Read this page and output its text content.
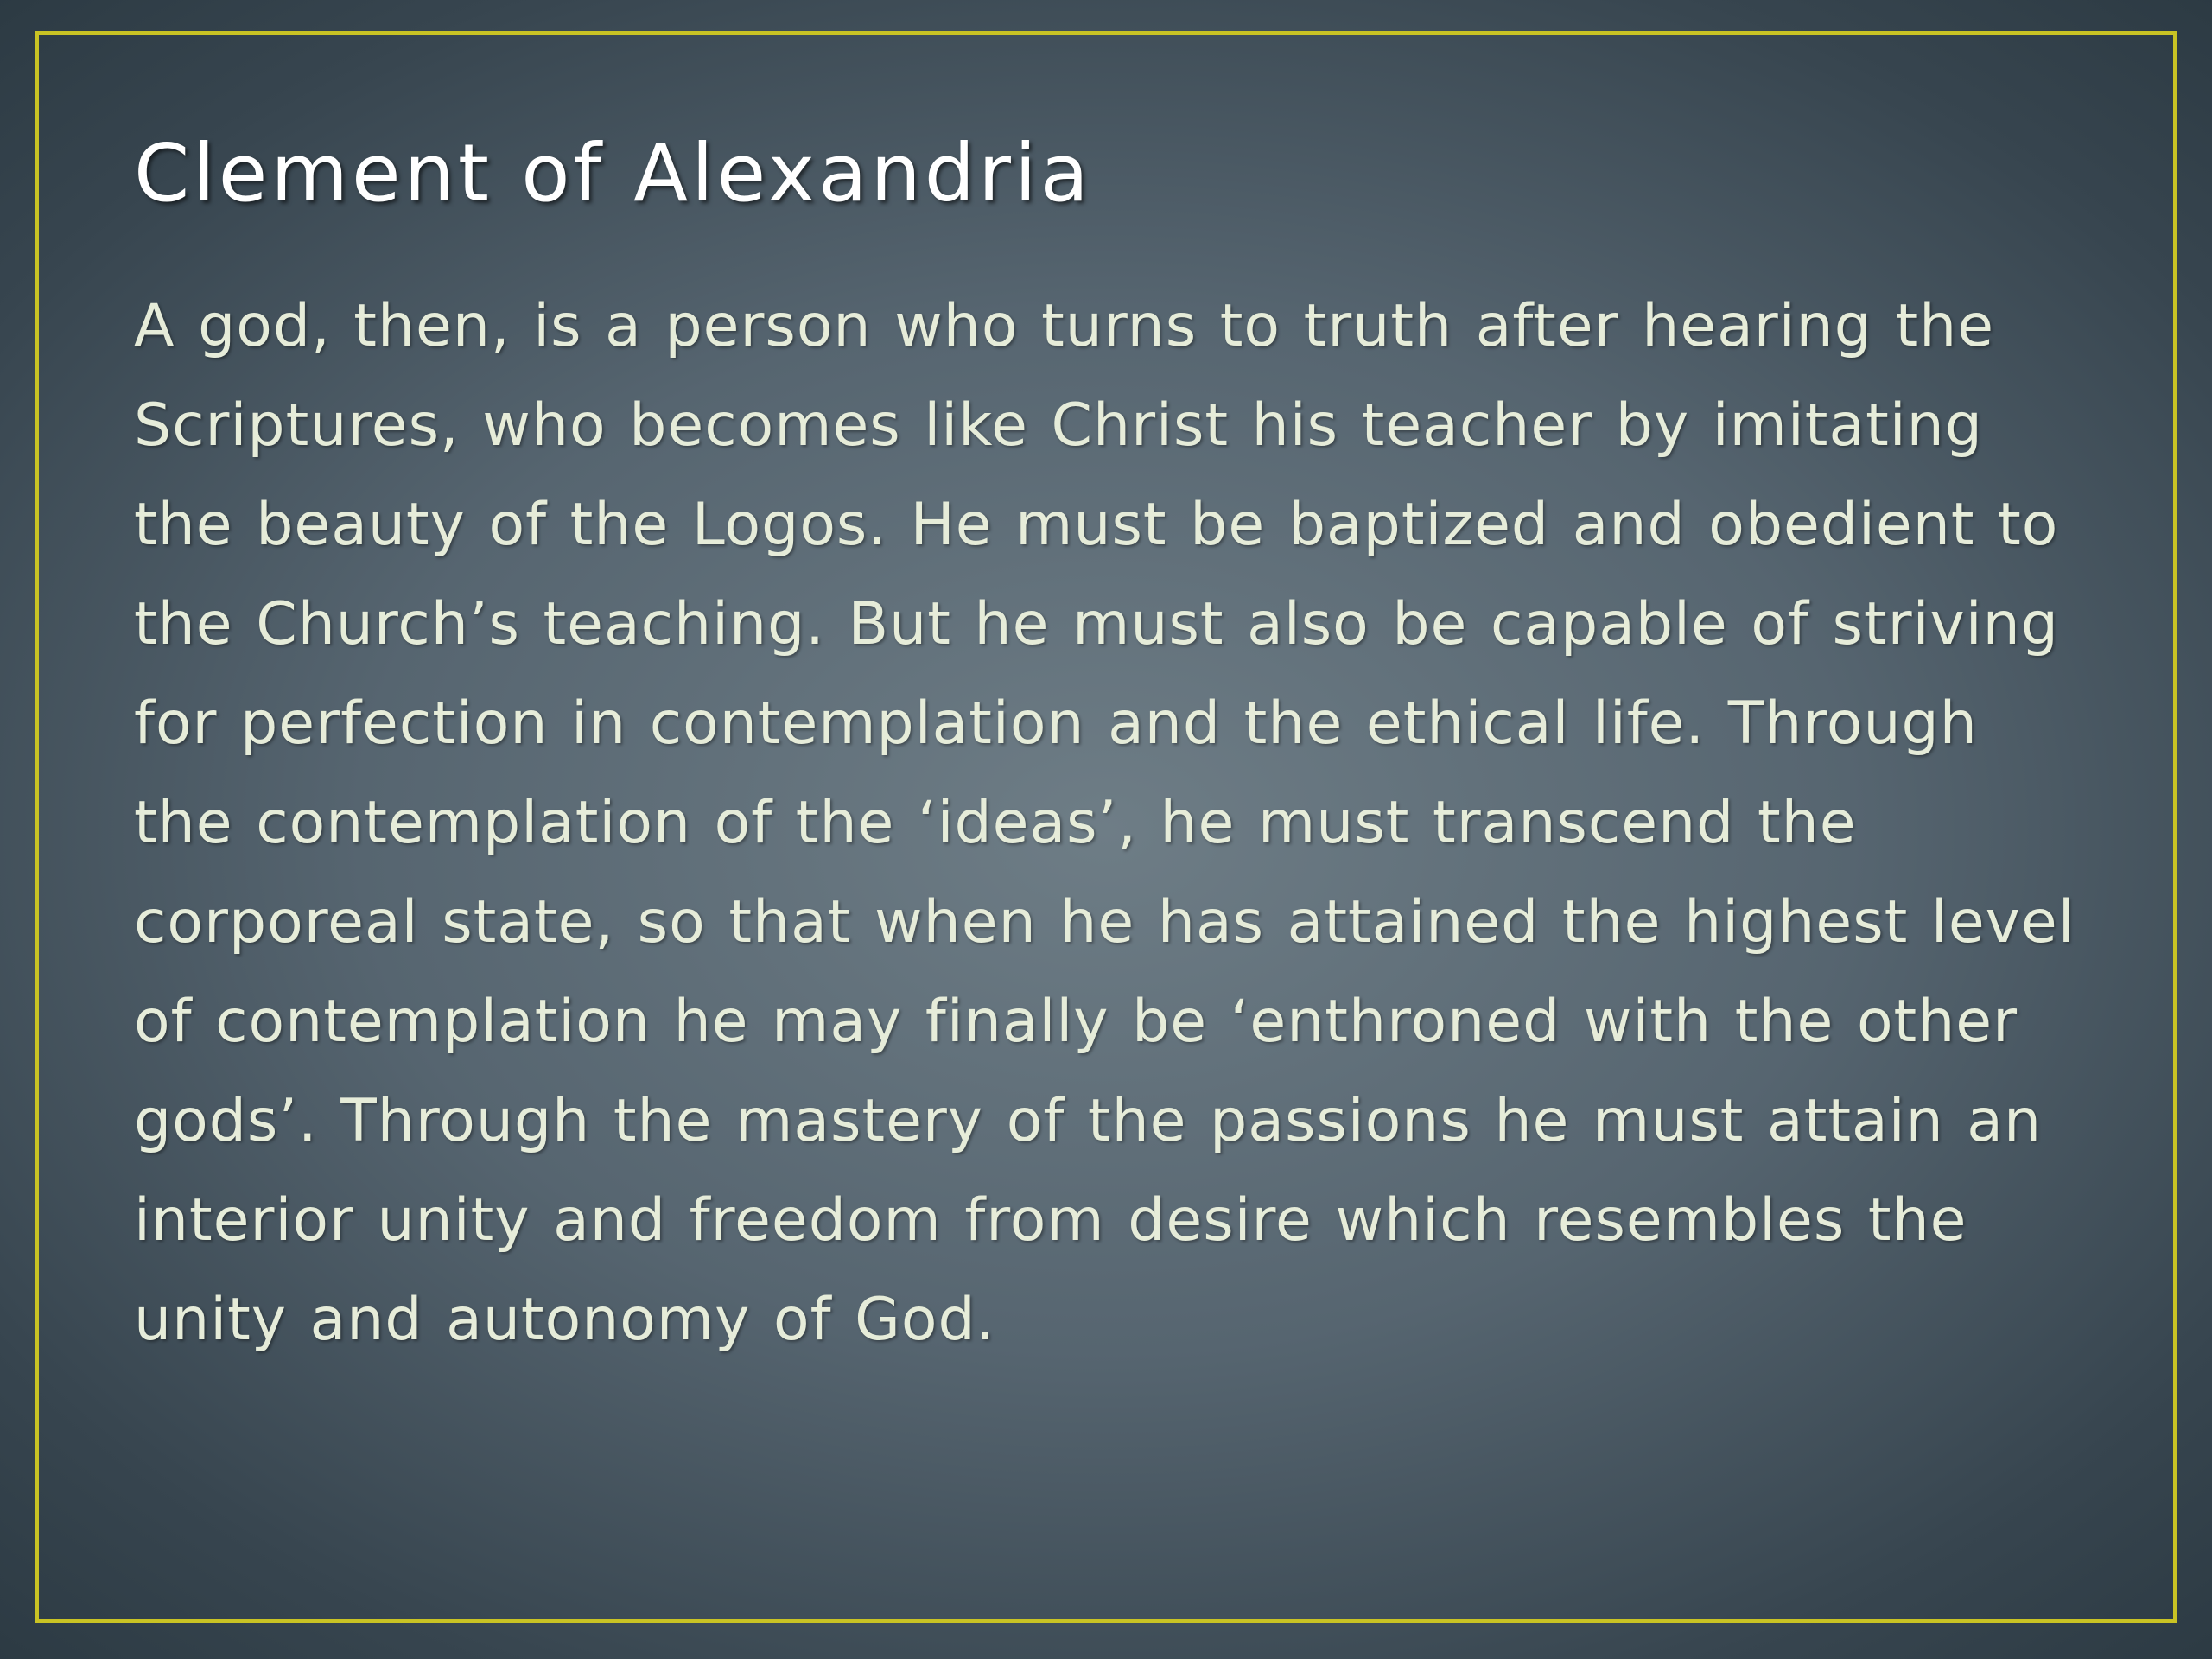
Clement of Alexandria

A god, then, is a person who turns to truth after hearing the Scriptures, who becomes like Christ his teacher by imitating the beauty of the Logos. He must be baptized and obedient to the Church’s teaching. But he must also be capable of striving for perfection in contemplation and the ethical life. Through the contemplation of the ‘ideas’, he must transcend the corporeal state, so that when he has attained the highest level of contemplation he may finally be ‘enthroned with the other gods’. Through the mastery of the passions he must attain an interior unity and freedom from desire which resembles the unity and autonomy of God.
